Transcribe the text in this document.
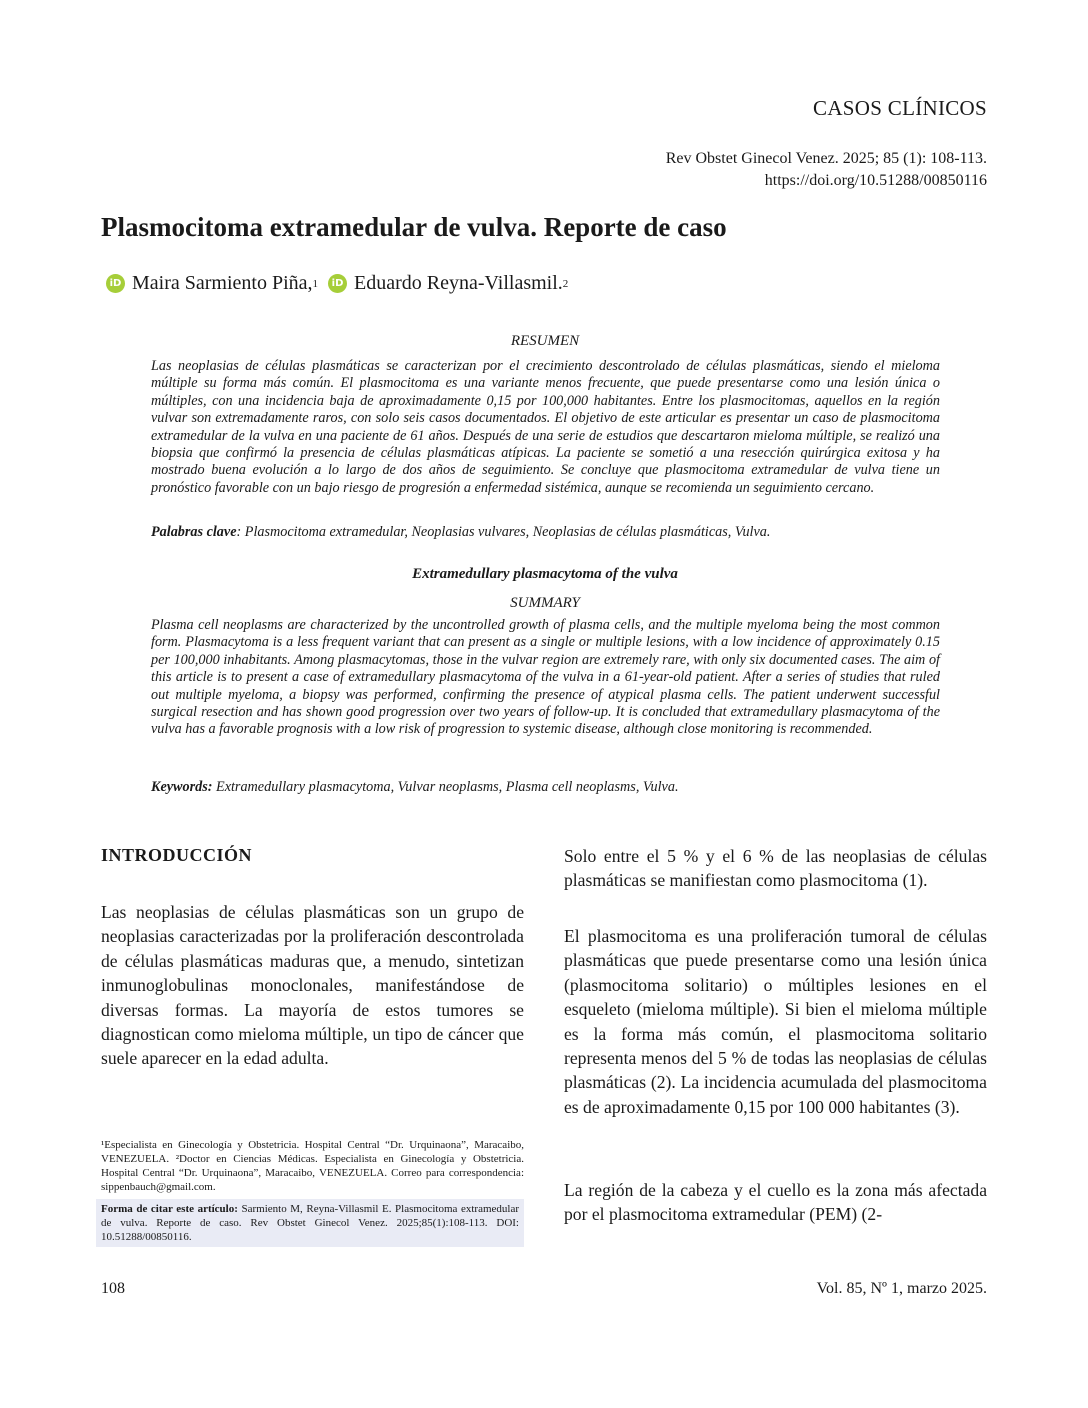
CASOS CLÍNICOS
Rev Obstet Ginecol Venez. 2025; 85 (1): 108-113.
https://doi.org/10.51288/00850116
Plasmocitoma extramedular de vulva. Reporte de caso
iD Maira Sarmiento Piña, 1	iD Eduardo Reyna-Villasmil. 2
RESUMEN
Las neoplasias de células plasmáticas se caracterizan por el crecimiento descontrolado de células plasmáticas, siendo el mieloma múltiple su forma más común. El plasmocitoma es una variante menos frecuente, que puede presentarse como una lesión única o múltiples, con una incidencia baja de aproximadamente 0,15 por 100,000 habitantes. Entre los plasmocitomas, aquellos en la región vulvar son extremadamente raros, con solo seis casos documentados. El objetivo de este articular es presentar un caso de plasmocitoma extramedular de la vulva en una paciente de 61 años. Después de una serie de estudios que descartaron mieloma múltiple, se realizó una biopsia que confirmó la presencia de células plasmáticas atípicas. La paciente se sometió a una resección quirúrgica exitosa y ha mostrado buena evolución a lo largo de dos años de seguimiento. Se concluye que plasmocitoma extramedular de vulva tiene un pronóstico favorable con un bajo riesgo de progresión a enfermedad sistémica, aunque se recomienda un seguimiento cercano.
Palabras clave: Plasmocitoma extramedular, Neoplasias vulvares, Neoplasias de células plasmáticas, Vulva.
Extramedullary plasmacytoma of the vulva
SUMMARY
Plasma cell neoplasms are characterized by the uncontrolled growth of plasma cells, and the multiple myeloma being the most common form. Plasmacytoma is a less frequent variant that can present as a single or multiple lesions, with a low incidence of approximately 0.15 per 100,000 inhabitants. Among plasmacytomas, those in the vulvar region are extremely rare, with only six documented cases. The aim of this article is to present a case of extramedullary plasmacytoma of the vulva in a 61-year-old patient. After a series of studies that ruled out multiple myeloma, a biopsy was performed, confirming the presence of atypical plasma cells. The patient underwent successful surgical resection and has shown good progression over two years of follow-up. It is concluded that extramedullary plasmacytoma of the vulva has a favorable prognosis with a low risk of progression to systemic disease, although close monitoring is recommended.
Keywords: Extramedullary plasmacytoma, Vulvar neoplasms, Plasma cell neoplasms, Vulva.
INTRODUCCIÓN
Las neoplasias de células plasmáticas son un grupo de neoplasias caracterizadas por la proliferación descontrolada de células plasmáticas maduras que, a menudo, sintetizan inmunoglobulinas monoclonales, manifestándose de diversas formas. La mayoría de estos tumores se diagnostican como mieloma múltiple, un tipo de cáncer que suele aparecer en la edad adulta.
Solo entre el 5 % y el 6 % de las neoplasias de células plasmáticas se manifiestan como plasmocitoma (1).
El plasmocitoma es una proliferación tumoral de células plasmáticas que puede presentarse como una lesión única (plasmocitoma solitario) o múltiples lesiones en el esqueleto (mieloma múltiple). Si bien el mieloma múltiple es la forma más común, el plasmocitoma solitario representa menos del 5 % de todas las neoplasias de células plasmáticas (2). La incidencia acumulada del plasmocitoma es de aproximadamente 0,15 por 100 000 habitantes (3).
La región de la cabeza y el cuello es la zona más afectada por el plasmocitoma extramedular (PEM) (2-
¹Especialista en Ginecología y Obstetricia. Hospital Central “Dr. Urquinaona”, Maracaibo, VENEZUELA. ²Doctor en Ciencias Médicas. Especialista en Ginecología y Obstetricia. Hospital Central “Dr. Urquinaona”, Maracaibo, VENEZUELA. Correo para correspondencia: sippenbauch@gmail.com.
Forma de citar este artículo: Sarmiento M, Reyna-Villasmil E. Plasmocitoma extramedular de vulva. Reporte de caso. Rev Obstet Ginecol Venez. 2025;85(1):108-113. DOI: 10.51288/00850116.
108	Vol. 85, Nº 1, marzo 2025.
